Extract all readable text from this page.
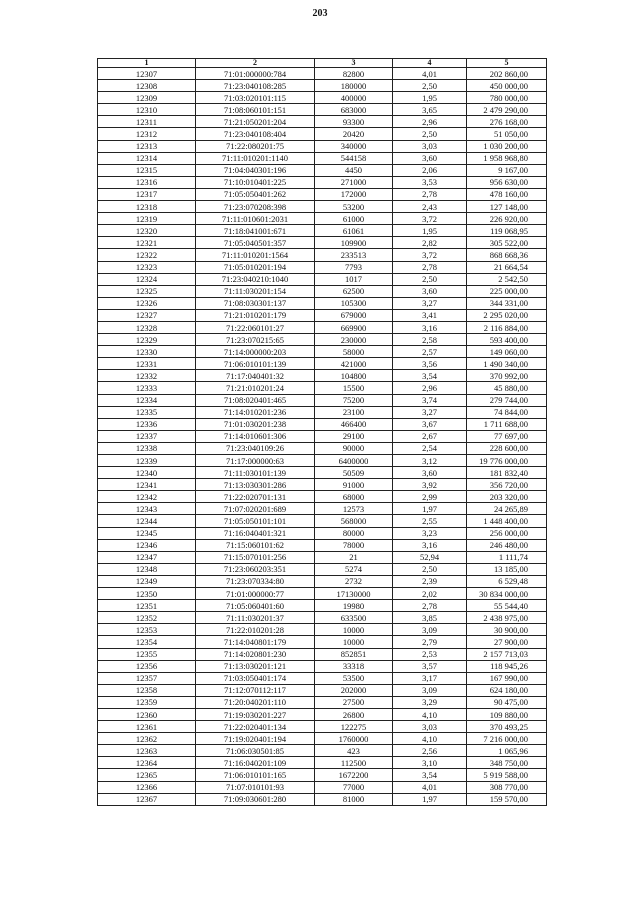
203
1	2	3	4	5
12307	71:01:000000:784	82800	4,01	202 860,00
12308	71:23:040108:285	180000	2,50	450 000,00
12309	71:03:020101:115	400000	1,95	780 000,00
12310	71:08:060101:151	683000	3,65	2 479 290,00
12311	71:21:050201:204	93300	2,96	276 168,00
12312	71:23:040108:404	20420	2,50	51 050,00
12313	71:22:080201:75	340000	3,03	1 030 200,00
12314	71:11:010201:1140	544158	3,60	1 958 968,80
12315	71:04:040301:196	4450	2,06	9 167,00
12316	71:10:010401:225	271000	3,53	956 630,00
12317	71:05:050401:262	172000	2,78	478 160,00
12318	71:23:070208:398	53200	2,43	127 148,00
12319	71:11:010601:2031	61000	3,72	226 920,00
12320	71:18:041001:671	61061	1,95	119 068,95
12321	71:05:040501:357	109900	2,82	305 522,00
12322	71:11:010201:1564	233513	3,72	868 668,36
12323	71:05:010201:194	7793	2,78	21 664,54
12324	71:23:040210:1040	1017	2,50	2 542,50
12325	71:11:030201:154	62500	3,60	225 000,00
12326	71:08:030301:137	105300	3,27	344 331,00
12327	71:21:010201:179	679000	3,41	2 295 020,00
12328	71:22:060101:27	669900	3,16	2 116 884,00
12329	71:23:070215:65	230000	2,58	593 400,00
12330	71:14:000000:203	58000	2,57	149 060,00
12331	71:06:010101:139	421000	3,56	1 490 340,00
12332	71:17:040401:32	104800	3,54	370 992,00
12333	71:21:010201:24	15500	2,96	45 880,00
12334	71:08:020401:465	75200	3,74	279 744,00
12335	71:14:010201:236	23100	3,27	74 844,00
12336	71:01:030201:238	466400	3,67	1 711 688,00
12337	71:14:010601:306	29100	2,67	77 697,00
12338	71:23:040109:26	90000	2,54	228 600,00
12339	71:17:000000:63	6400000	3,12	19 776 000,00
12340	71:11:030101:139	50509	3,60	181 832,40
12341	71:13:030301:286	91000	3,92	356 720,00
12342	71:22:020701:131	68000	2,99	203 320,00
12343	71:07:020201:689	12573	1,97	24 265,89
12344	71:05:050101:101	568000	2,55	1 448 400,00
12345	71:16:040401:321	80000	3,23	256 000,00
12346	71:15:060101:62	78000	3,16	246 480,00
12347	71:15:070101:256	21	52,94	1 111,74
12348	71:23:060203:351	5274	2,50	13 185,00
12349	71:23:070334:80	2732	2,39	6 529,48
12350	71:01:000000:77	17130000	2,02	30 834 000,00
12351	71:05:060401:60	19980	2,78	55 544,40
12352	71:11:030201:37	633500	3,85	2 438 975,00
12353	71:22:010201:28	10000	3,09	30 900,00
12354	71:14:040801:179	10000	2,79	27 900,00
12355	71:14:020801:230	852851	2,53	2 157 713,03
12356	71:13:030201:121	33318	3,57	118 945,26
12357	71:03:050401:174	53500	3,17	167 990,00
12358	71:12:070112:117	202000	3,09	624 180,00
12359	71:20:040201:110	27500	3,29	90 475,00
12360	71:19:030201:227	26800	4,10	109 880,00
12361	71:22:020401:134	122275	3,03	370 493,25
12362	71:19:020401:194	1760000	4,10	7 216 000,00
12363	71:06:030501:85	423	2,56	1 065,96
12364	71:16:040201:109	112500	3,10	348 750,00
12365	71:06:010101:165	1672200	3,54	5 919 588,00
12366	71:07:010101:93	77000	4,01	308 770,00
12367	71:09:030601:280	81000	1,97	159 570,00
